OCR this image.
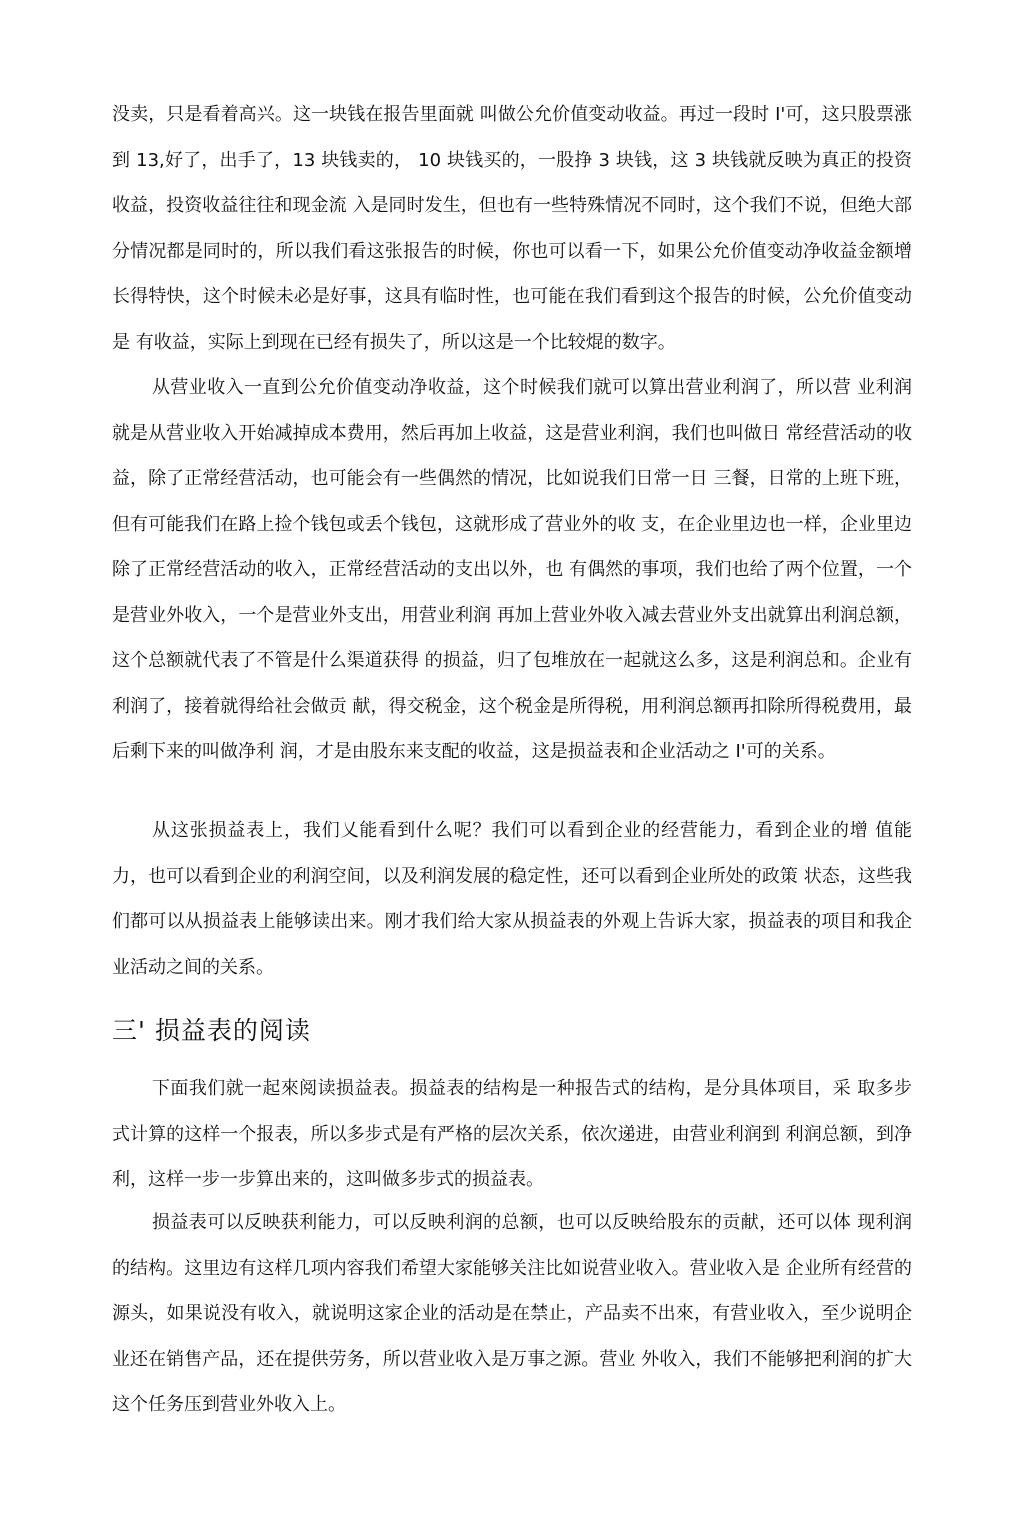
没卖，只是看着高兴。这一块钱在报告里面就 叫做公允价值变动收益。再过一段时 I'可，这只股票涨到 13,好了，出手了，13 块钱卖的， 10 块钱买的，一股挣 3 块钱，这 3 块钱就反映为真正的投资收益，投资收益往往和现金流 入是同时发生，但也有一些特殊情况不同时，这个我们不说，但绝大部分情况都是同时的，所以我们看这张报告的时候，你也可以看一下，如果公允价值变动净收益金额增长得特快，这个时候未必是好事，这具有临时性，也可能在我们看到这个报告的时候，公允价值变动是 有收益，实际上到现在已经有损失了，所以这是一个比较焜的数字。

从营业收入一直到公允价值变动净收益，这个时候我们就可以算出营业利润了，所以营 业利润就是从营业收入开始减掉成本费用，然后再加上收益，这是营业利润，我们也叫做日 常经营活动的收益，除了正常经营活动，也可能会有一些偶然的情况，比如说我们日常一日 三餐，日常的上班下班，但有可能我们在路上捡个钱包或丢个钱包，这就形成了营业外的收 支，在企业里边也一样，企业里边除了正常经营活动的收入，正常经营活动的支出以外，也 有偶然的事项，我们也给了两个位置，一个是营业外收入，一个是营业外支出，用营业利润 再加上营业外收入减去营业外支出就算出利润总额，这个总额就代表了不管是什么渠道获得 的损益，归了包堆放在一起就这么多，这是利润总和。企业有利润了，接着就得给社会做贡 献，得交税金，这个税金是所得税，用利润总额再扣除所得税费用，最后剩下来的叫做净利 润，才是由股东来支配的收益，这是损益表和企业活动之 I'可的关系。

从这张损益表上，我们乂能看到什么呢？我们可以看到企业的经营能力，看到企业的增 值能力，也可以看到企业的利润空间，以及利润发展的稳定性，还可以看到企业所处的政策 状态，这些我们都可以从损益表上能够读出来。刚才我们给大家从损益表的外观上告诉大家，损益表的项目和我企业活动之间的关系。

三' 损益表的阅读

下面我们就一起來阅读损益表。损益表的结构是一种报告式的结构，是分具体项目，采 取多步式计算的这样一个报表，所以多步式是有严格的层次关系，依次递进，由营业利润到 利润总额，到净利，这样一步一步算出来的，这叫做多步式的损益表。

损益表可以反映获利能力，可以反映利润的总额，也可以反映给股东的贡献，还可以体 现利润的结构。这里边有这样几项内容我们希望大家能够关注比如说营业收入。营业收入是 企业所有经营的源头，如果说没有收入，就说明这家企业的活动是在禁止，产品卖不出來，有营业收入，至少说明企业还在销售产品，还在提供劳务，所以营业收入是万事之源。营业 外收入，我们不能够把利润的扩大这个任务压到营业外收入上。
